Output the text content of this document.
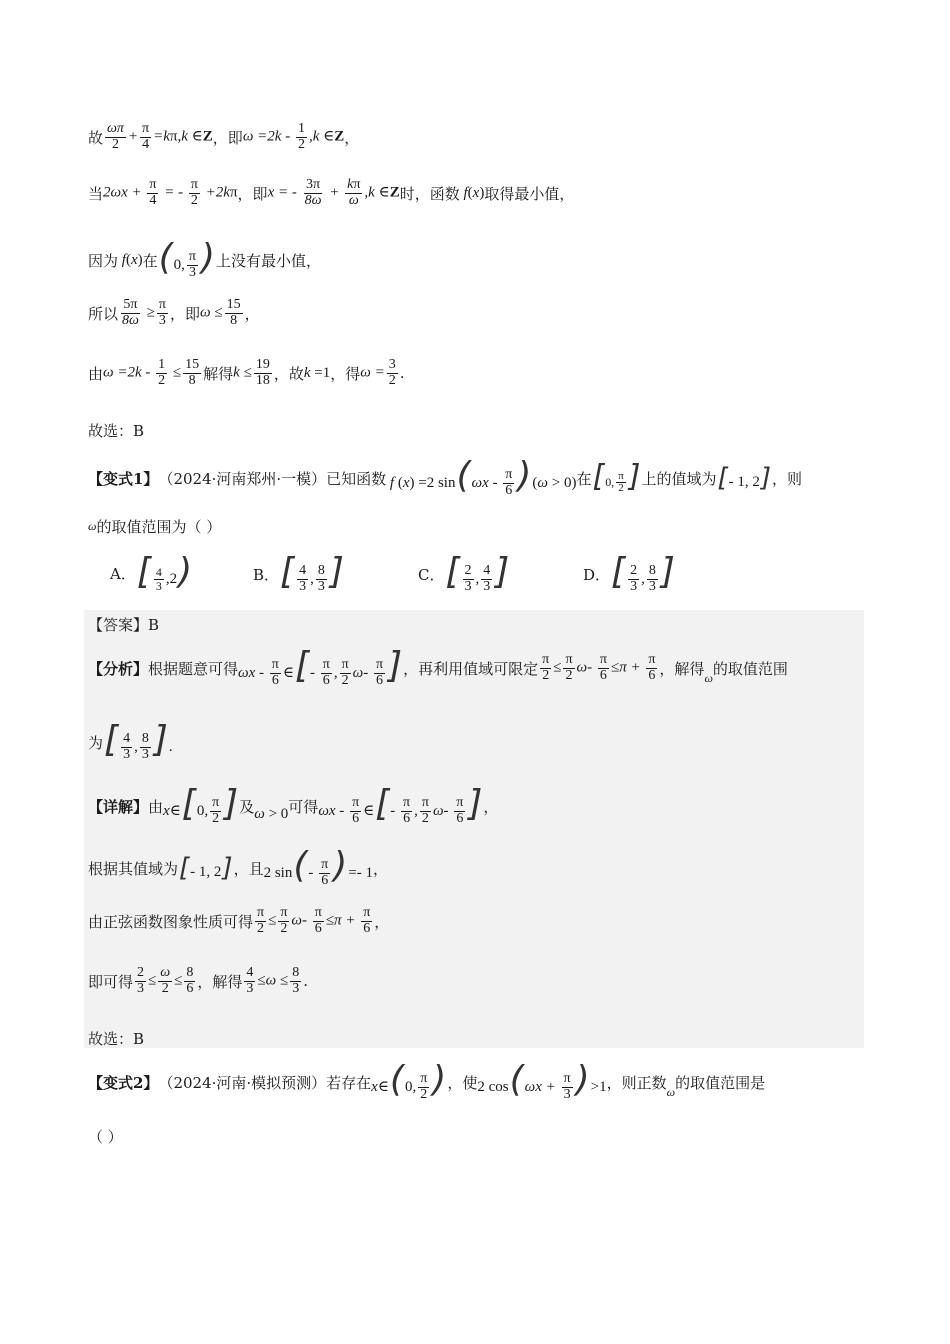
故 $\frac{\omega\pi}{2} + \frac{\pi}{4} =k\pi,k$ ∈Z ，即 $\omega =2k - \frac{1}{2} ,k$ ∈Z ，
当 $2\omega x + \frac{\pi}{4}$ = - $\frac{\pi}{2} +2k\pi$ ，即 x = - $\frac{3\pi}{8\omega} + \frac{k\pi}{\omega} ,k$ ∈Z 时，函数 f(x) 取得最小值，
因为 f(x) 在 (0, $\frac{\pi}{3}$ ) 上没有最小值，
所以 $\frac{5\pi}{8\omega} \ge \frac{\pi}{3}$ ，即 $\omega \le \frac{15}{8}$ ，
由 $\omega =2k - \frac{1}{2} \le \frac{15}{8}$ 解得 $k \le \frac{19}{18}$ ，故 k =1 ，得 $\omega = \frac{3}{2}$ .
故选：B
【变式1】 （2024·河南郑州·一模）已知函数 f (x) =2 $\sin(\omega x - \frac{\pi}{6} )(\omega > 0)$ 在 [0, $\frac{\pi}{2}$ ] 上的值域为 [- 1, 2] ，则
ω 的取值范围为（ ）
A． [ $\frac{4}{3} ,2$)	B． [ $\frac{4}{3}$ , $\frac{8}{3}$ ]	C． [ $\frac{2}{3}$ , $\frac{4}{3}$ ]	D． [ $\frac{2}{3}$ , $\frac{8}{3}$ ]
【答案】B
【分析】 根据题意可得 ωx - $\frac{\pi}{6}$ ∈[- $\frac{\pi}{6}$ , $\frac{\pi}{2} \omega- \frac{\pi}{6}$ ] ，再利用值域可限定 $\frac{\pi}{2} \le \frac{\pi}{2} \omega- \frac{\pi}{6} \le\pi + \frac{\pi}{6}$ ，解得 ω 的取值范围
为 [ $\frac{4}{3}$ , $\frac{8}{3}$ ].
【详解】 由 x∈[0, $\frac{\pi}{2}$ ] 及 ω > 0 可得 ωx - $\frac{\pi}{6}$ ∈[- $\frac{\pi}{6}$ , $\frac{\pi}{2} \omega- \frac{\pi}{6}$ ] ，
根据其值域为 [- 1, 2] ，且 2 $\sin(- \frac{\pi}{6}$ )=- 1 ，
由正弦函数图象性质可得 $\frac{\pi}{2} \le \frac{\pi}{2} \omega- \frac{\pi}{6} \le\pi + \frac{\pi}{6}$ ，
即可得 $\frac{2}{3} \le \frac{\omega}{2} \le \frac{8}{6}$ ，解得 $\frac{4}{3} \le\omega \le \frac{8}{3}$ .
故选：B
【变式2】 （2024·河南·模拟预测）若存在 x∈(0, $\frac{\pi}{2}$ ) ，使 2 $\cos(\omega x + \frac{\pi}{3} )>1$ ，则正数 ω 的取值范围是
（ ）
